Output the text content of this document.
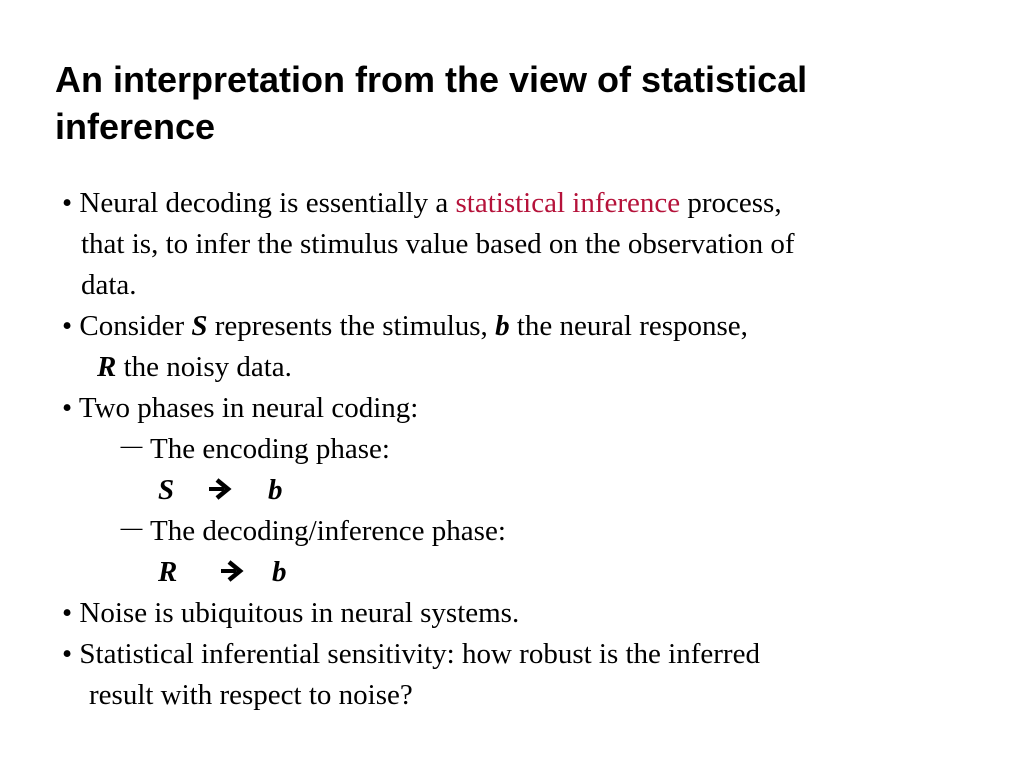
An interpretation from the view of statistical inference
• Neural decoding is essentially a statistical inference process,
that is, to infer the stimulus value based on the observation of
data.
• Consider S represents the stimulus, b the neural response,
R the noisy data.
• Two phases in neural coding:
－ The encoding phase:
S	b
－ The decoding/inference phase:
R	b
• Noise is ubiquitous in neural systems.
• Statistical inferential sensitivity: how robust is the inferred
result with respect to noise?
